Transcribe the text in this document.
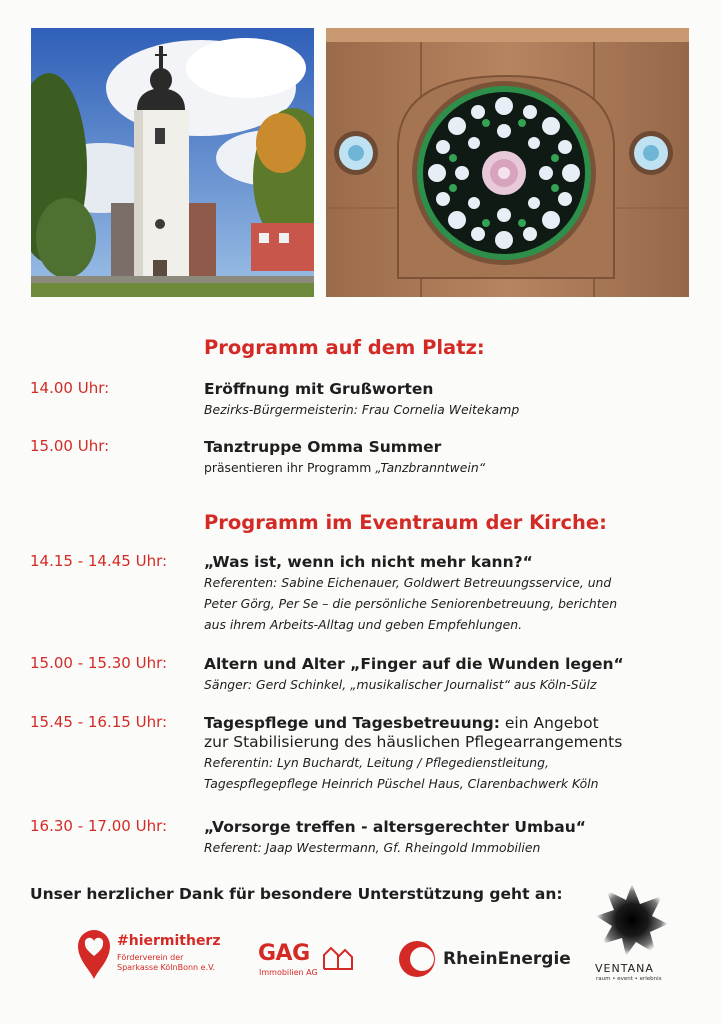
Programm auf dem Platz:
14.00 Uhr:	Eröffnung mit Grußworten
Bezirks-Bürgermeisterin: Frau Cornelia Weitekamp
15.00 Uhr:	Tanztruppe Omma Summer
präsentieren ihr Programm „Tanzbranntwein“
Programm im Eventraum der Kirche:
14.15 - 14.45 Uhr: „Was ist, wenn ich nicht mehr kann?“
Referenten: Sabine Eichenauer, Goldwert Betreuungsservice, und
Peter Görg, Per Se – die persönliche Seniorenbetreuung, berichten
aus ihrem Arbeits-Alltag und geben Empfehlungen.
15.00 - 15.30 Uhr: Altern und Alter „Finger auf die Wunden legen“
Sänger: Gerd Schinkel, „musikalischer Journalist“ aus Köln-Sülz
15.45 - 16.15 Uhr: Tagespflege und Tagesbetreuung: ein Angebot
zur Stabilisierung des häuslichen Pflegearrangements
Referentin: Lyn Buchardt, Leitung / Pflegedienstleitung,
Tagespflegepflege Heinrich Püschel Haus, Clarenbachwerk Köln
16.30 - 17.00 Uhr: „Vorsorge treffen - altersgerechter Umbau“
Referent: Jaap Westermann, Gf. Rheingold Immobilien

Unser herzlicher Dank für besondere Unterstützung geht an:

#hiermitherz
Förderverein der
Sparkasse KölnBonn e.V.
GAG
Immobilien AG
RheinEnergie VENTANA
raum • event • erlebnis
